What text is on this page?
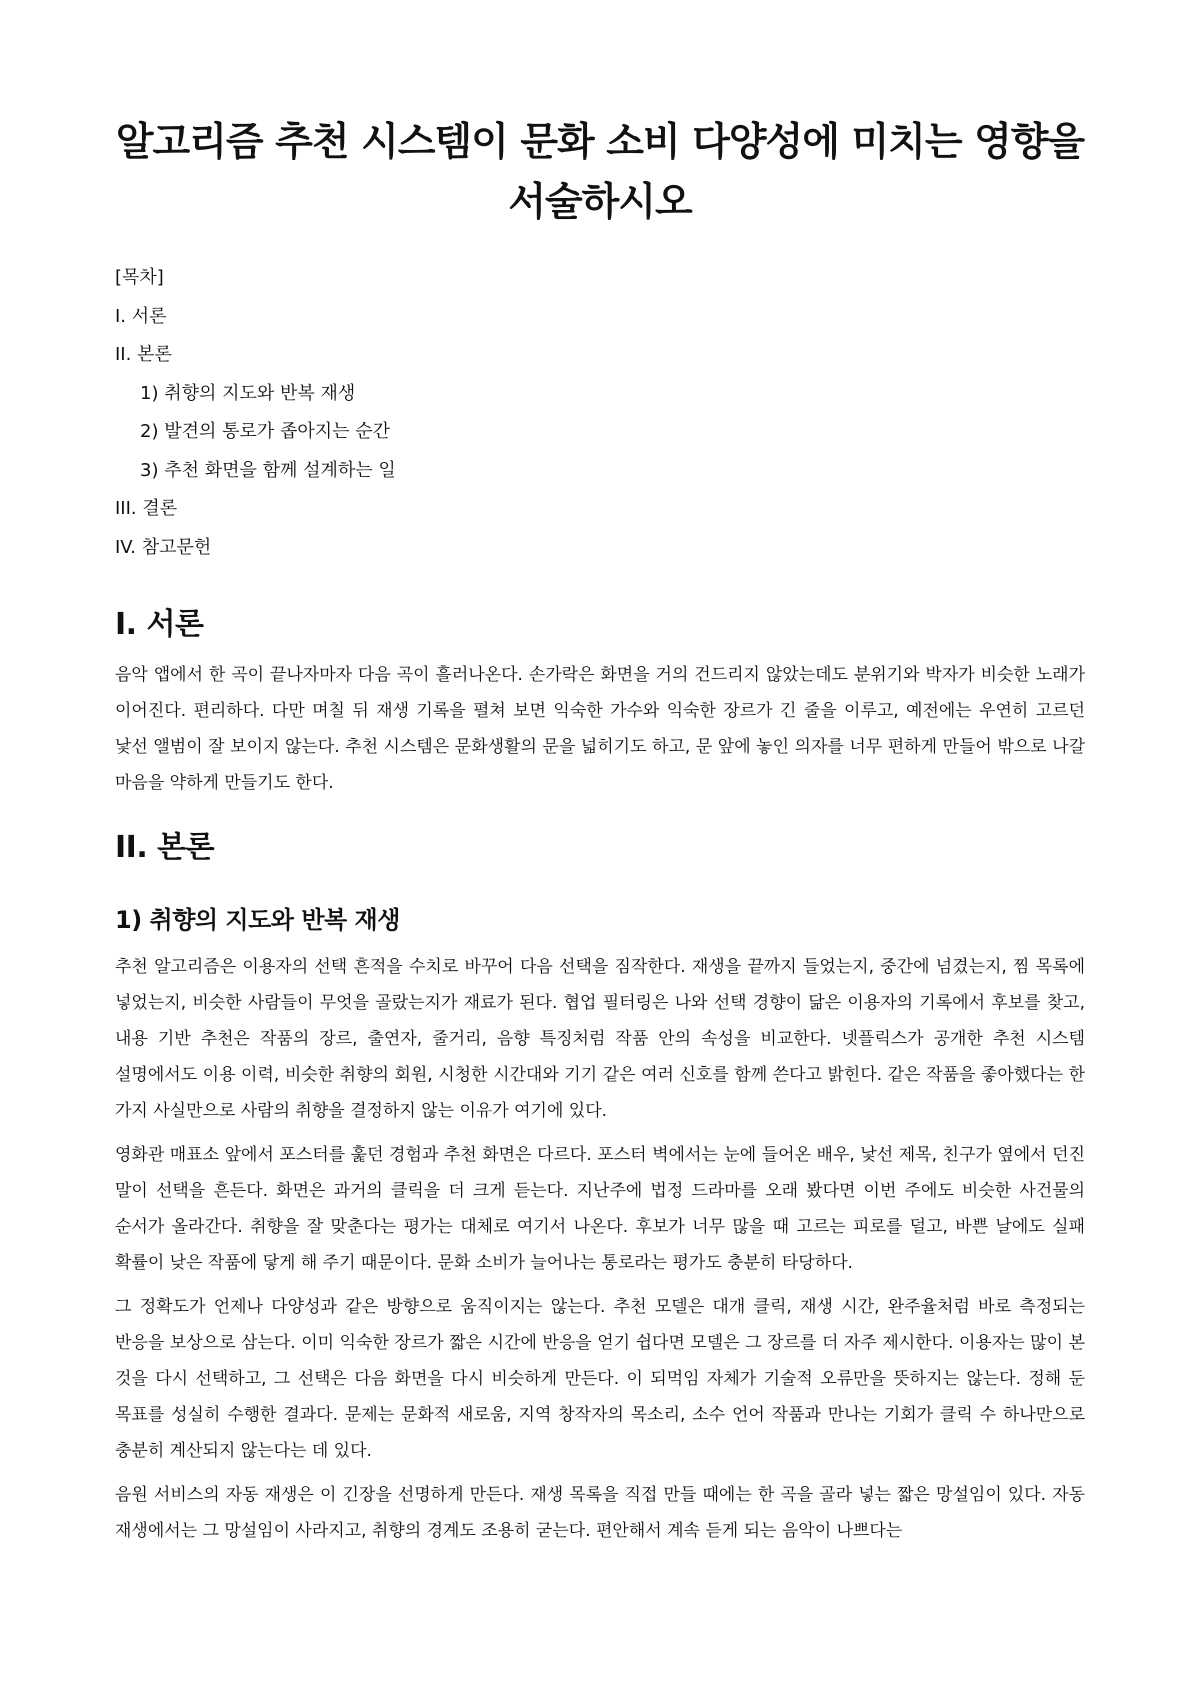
알고리즘 추천 시스템이 문화 소비 다양성에 미치는 영향을 서술하시오
[목차]
I. 서론
II. 본론
1) 취향의 지도와 반복 재생
2) 발견의 통로가 좁아지는 순간
3) 추천 화면을 함께 설계하는 일
III. 결론
IV. 참고문헌
I. 서론

음악 앱에서 한 곡이 끝나자마자 다음 곡이 흘러나온다. 손가락은 화면을 거의 건드리지 않았는데도 분위기와 박자가 비슷한 노래가 이어진다. 편리하다. 다만 며칠 뒤 재생 기록을 펼쳐 보면 익숙한 가수와 익숙한 장르가 긴 줄을 이루고, 예전에는 우연히 고르던 낯선 앨범이 잘 보이지 않는다. 추천 시스템은 문화생활의 문을 넓히기도 하고, 문 앞에 놓인 의자를 너무 편하게 만들어 밖으로 나갈 마음을 약하게 만들기도 한다.

II. 본론
1) 취향의 지도와 반복 재생

추천 알고리즘은 이용자의 선택 흔적을 수치로 바꾸어 다음 선택을 짐작한다. 재생을 끝까지 들었는지, 중간에 넘겼는지, 찜 목록에 넣었는지, 비슷한 사람들이 무엇을 골랐는지가 재료가 된다. 협업 필터링은 나와 선택 경향이 닮은 이용자의 기록에서 후보를 찾고, 내용 기반 추천은 작품의 장르, 출연자, 줄거리, 음향 특징처럼 작품 안의 속성을 비교한다. 넷플릭스가 공개한 추천 시스템 설명에서도 이용 이력, 비슷한 취향의 회원, 시청한 시간대와 기기 같은 여러 신호를 함께 쓴다고 밝힌다. 같은 작품을 좋아했다는 한 가지 사실만으로 사람의 취향을 결정하지 않는 이유가 여기에 있다.

영화관 매표소 앞에서 포스터를 훑던 경험과 추천 화면은 다르다. 포스터 벽에서는 눈에 들어온 배우, 낯선 제목, 친구가 옆에서 던진 말이 선택을 흔든다. 화면은 과거의 클릭을 더 크게 듣는다. 지난주에 법정 드라마를 오래 봤다면 이번 주에도 비슷한 사건물의 순서가 올라간다. 취향을 잘 맞춘다는 평가는 대체로 여기서 나온다. 후보가 너무 많을 때 고르는 피로를 덜고, 바쁜 날에도 실패 확률이 낮은 작품에 닿게 해 주기 때문이다. 문화 소비가 늘어나는 통로라는 평가도 충분히 타당하다.

그 정확도가 언제나 다양성과 같은 방향으로 움직이지는 않는다. 추천 모델은 대개 클릭, 재생 시간, 완주율처럼 바로 측정되는 반응을 보상으로 삼는다. 이미 익숙한 장르가 짧은 시간에 반응을 얻기 쉽다면 모델은 그 장르를 더 자주 제시한다. 이용자는 많이 본 것을 다시 선택하고, 그 선택은 다음 화면을 다시 비슷하게 만든다. 이 되먹임 자체가 기술적 오류만을 뜻하지는 않는다. 정해 둔 목표를 성실히 수행한 결과다. 문제는 문화적 새로움, 지역 창작자의 목소리, 소수 언어 작품과 만나는 기회가 클릭 수 하나만으로 충분히 계산되지 않는다는 데 있다.

음원 서비스의 자동 재생은 이 긴장을 선명하게 만든다. 재생 목록을 직접 만들 때에는 한 곡을 골라 넣는 짧은 망설임이 있다. 자동 재생에서는 그 망설임이 사라지고, 취향의 경계도 조용히 굳는다. 편안해서 계속 듣게 되는 음악이 나쁘다는
